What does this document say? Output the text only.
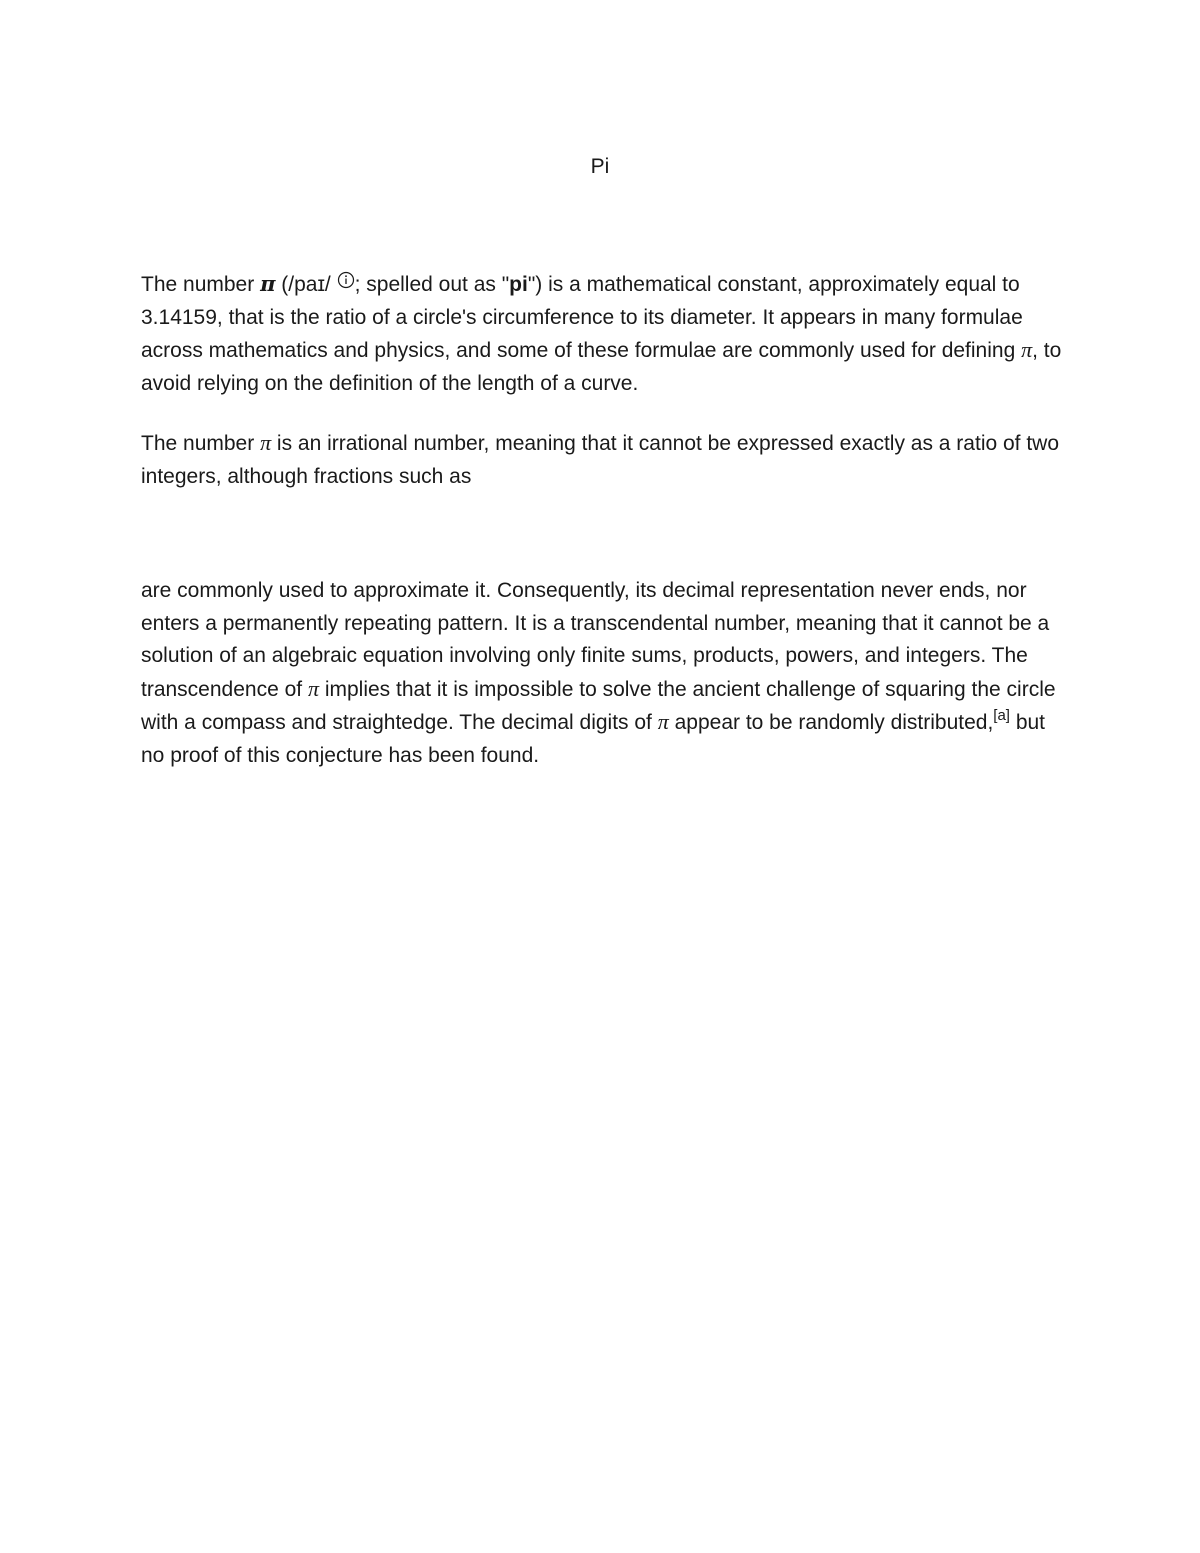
Pi

The number π (/paɪ/ ; spelled out as "pi") is a mathematical constant, approximately equal to 3.14159, that is the ratio of a circle's circumference to its diameter. It appears in many formulae across mathematics and physics, and some of these formulae are commonly used for defining π, to avoid relying on the definition of the length of a curve.

The number π is an irrational number, meaning that it cannot be expressed exactly as a ratio of two integers, although fractions such as

are commonly used to approximate it. Consequently, its decimal representation never ends, nor enters a permanently repeating pattern. It is a transcendental number, meaning that it cannot be a solution of an algebraic equation involving only finite sums, products, powers, and integers. The transcendence of π implies that it is impossible to solve the ancient challenge of squaring the circle with a compass and straightedge. The decimal digits of π appear to be randomly distributed,[a] but no proof of this conjecture has been found.
